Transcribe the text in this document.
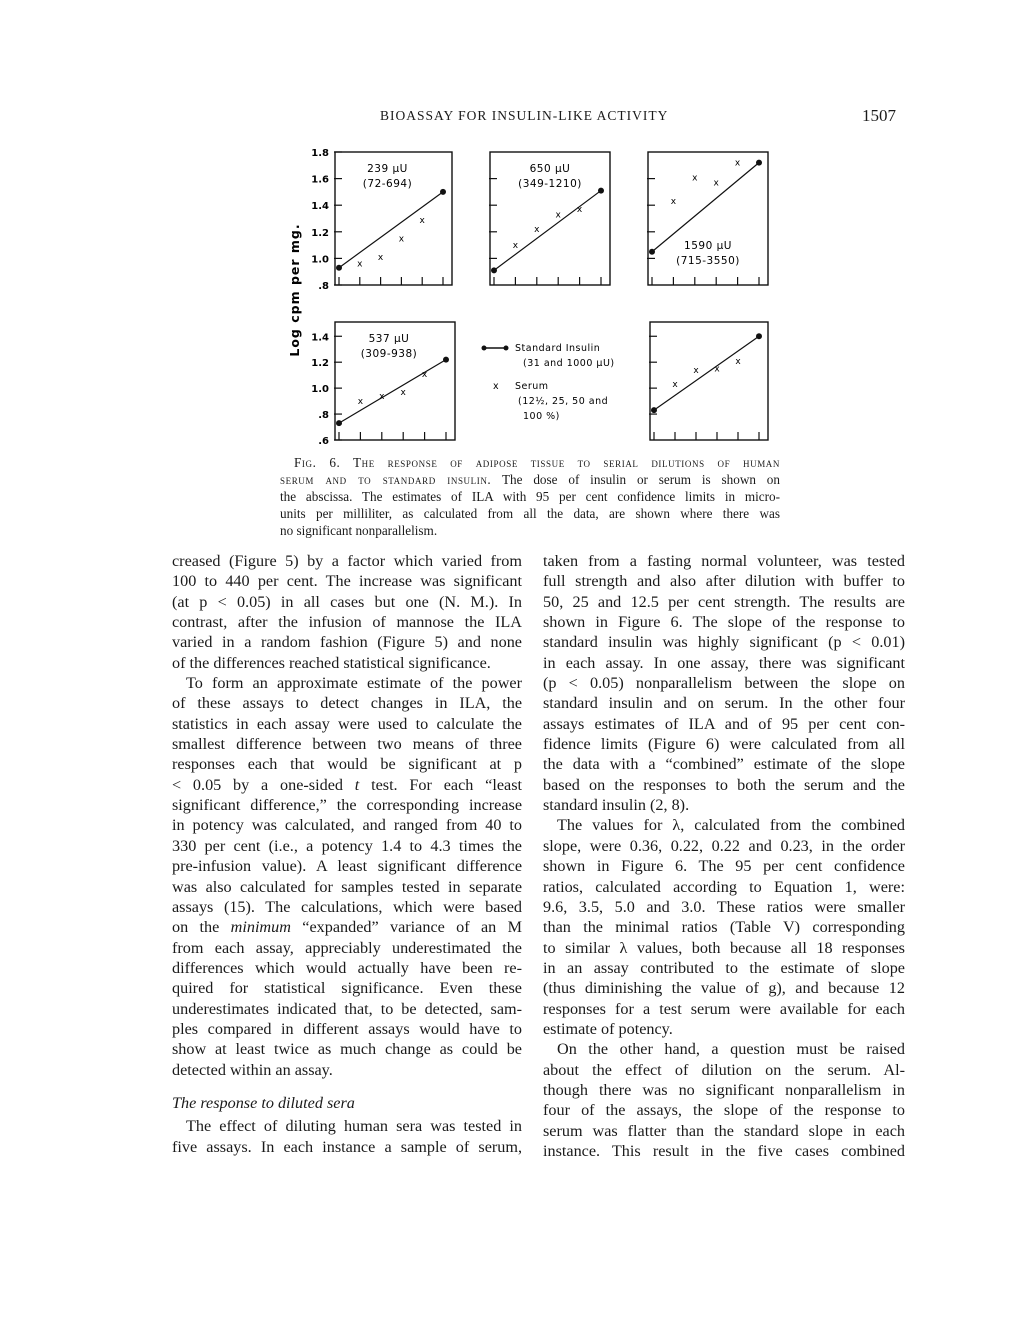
BIOASSAY FOR INSULIN-LIKE ACTIVITY	1507
1.8
1.6
1.4
1.2
1.0
.8
x
x
x
x
239 μU
(72-694)
x
x
x
x
650 μU
(349-1210)
x
x
x
x
1590 μU
(715-3550)
1.4
1.2
1.0
.8
.6
x
x x
x
537 μU
(309-938)
x
x x
x
Log cpm per mg.	Standard Insulin
(31 and 1000 μU)
x Serum
(12½, 25, 50 and
100 %)
Fig. 6. The response of adipose tissue to serial dilutions of human
serum and to standard insulin. The dose of insulin or serum is shown on
the abscissa. The estimates of ILA with 95 per cent confidence limits in micro-
units per milliliter, as calculated from all the data, are shown where there was
no significant nonparallelism.
creased (Figure 5) by a factor which varied from
100 to 440 per cent. The increase was significant
(at p < 0.05) in all cases but one (N. M.). In
contrast, after the infusion of mannose the ILA
varied in a random fashion (Figure 5) and none
of the differences reached statistical significance.
To form an approximate estimate of the power
of these assays to detect changes in ILA, the
statistics in each assay were used to calculate the
smallest difference between two means of three
responses each that would be significant at p
< 0.05 by a one-sided t test. For each “least
significant difference,” the corresponding increase
in potency was calculated, and ranged from 40 to
330 per cent (i.e., a potency 1.4 to 4.3 times the
pre-infusion value). A least significant difference
was also calculated for samples tested in separate
assays (15). The calculations, which were based
on the minimum “expanded” variance of an M
from each assay, appreciably underestimated the
differences which would actually have been re-
quired for statistical significance. Even these
underestimates indicated that, to be detected, sam-
ples compared in different assays would have to
show at least twice as much change as could be
detected within an assay.
The response to diluted sera
The effect of diluting human sera was tested in
five assays. In each instance a sample of serum,
taken from a fasting normal volunteer, was tested
full strength and also after dilution with buffer to
50, 25 and 12.5 per cent strength. The results are
shown in Figure 6. The slope of the response to
standard insulin was highly significant (p < 0.01)
in each assay. In one assay, there was significant
(p < 0.05) nonparallelism between the slope on
standard insulin and on serum. In the other four
assays estimates of ILA and of 95 per cent con-
fidence limits (Figure 6) were calculated from all
the data with a “combined” estimate of the slope
based on the responses to both the serum and the
standard insulin (2, 8).
The values for λ, calculated from the combined
slope, were 0.36, 0.22, 0.22 and 0.23, in the order
shown in Figure 6. The 95 per cent confidence
ratios, calculated according to Equation 1, were:
9.6, 3.5, 5.0 and 3.0. These ratios were smaller
than the minimal ratios (Table V) corresponding
to similar λ values, both because all 18 responses
in an assay contributed to the estimate of slope
(thus diminishing the value of g), and because 12
responses for a test serum were available for each
estimate of potency.
On the other hand, a question must be raised
about the effect of dilution on the serum. Al-
though there was no significant nonparallelism in
four of the assays, the slope of the response to
serum was flatter than the standard slope in each
instance. This result in the five cases combined
